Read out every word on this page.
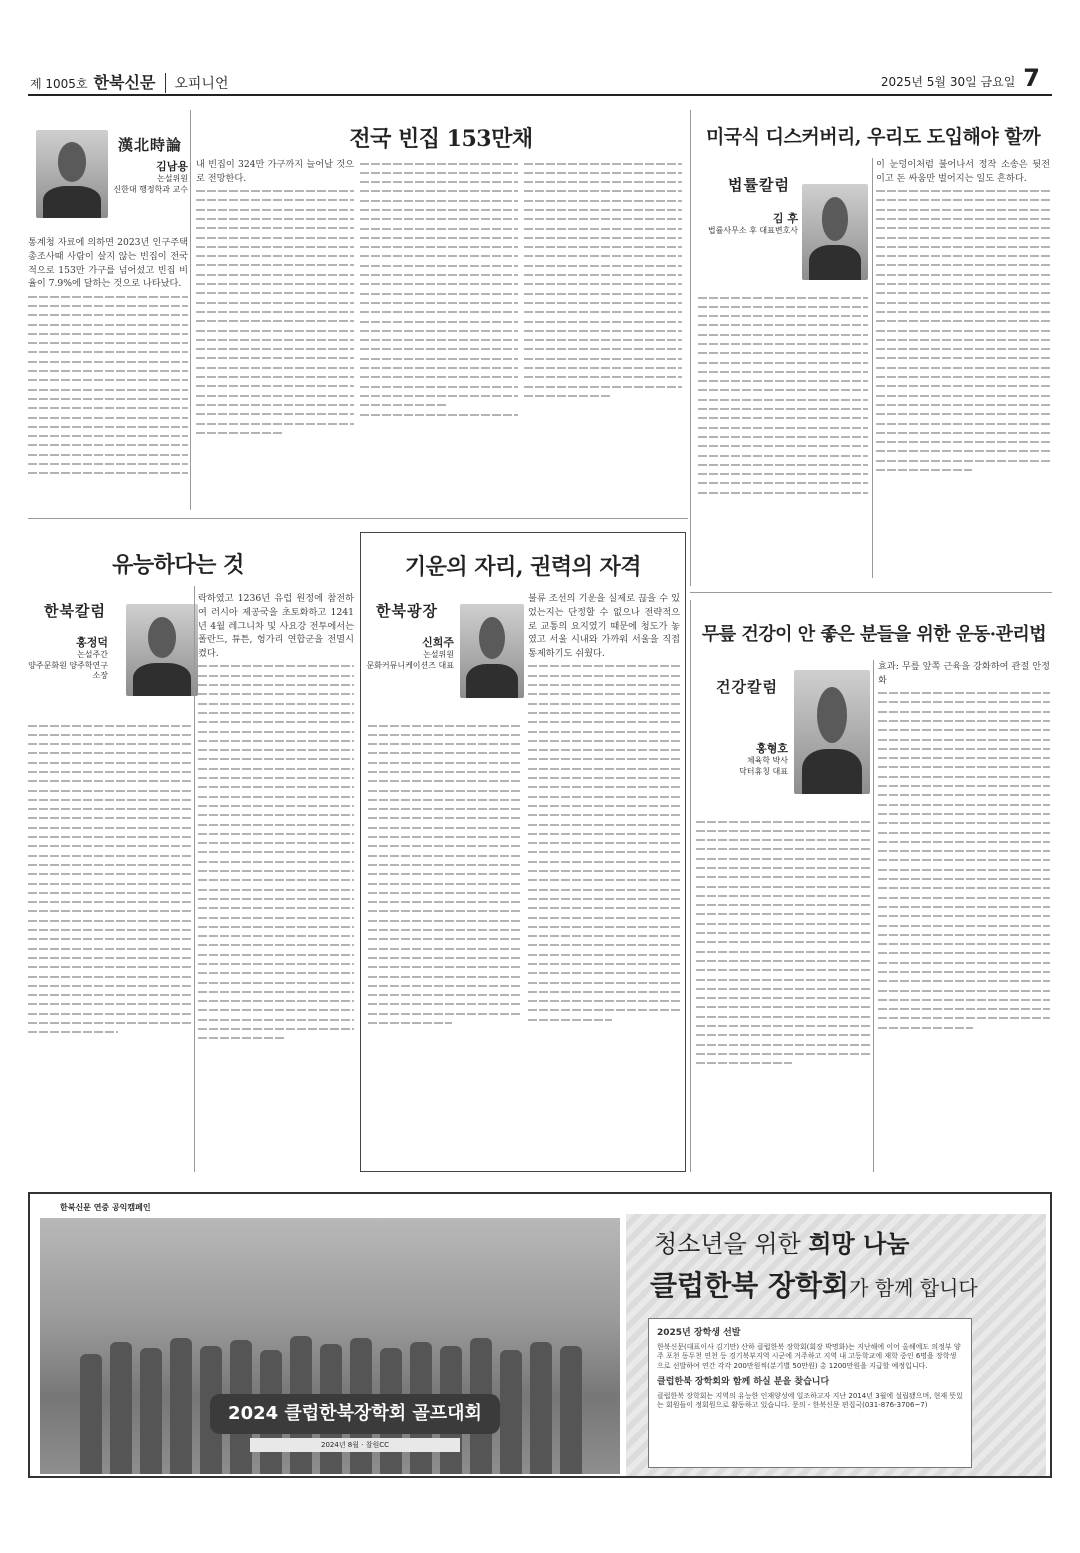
제 1005호 한북신문	오피니언	2025년 5월 30일 금요일 7
漢北時論
김남용
논설위원
신한대 행정학과 교수
통계청 자료에 의하면 2023년 인구주택총조사때 사람이 살지 않는 빈집이 전국적으로 153만 가구를 넘어섰고 빈집 비율이 7.9%에 달하는 것으로 나타났다.
전국 빈집 153만채
내 빈집이 324만 가구까지 늘어날 것으로 전망한다.
미국식 디스커버리, 우리도 도입해야 할까
법률칼럼
김 후
법률사무소 후 대표변호사
이 눈덩이처럼 불어나서 정작 소송은 뒷전이고 돈 싸움만 벌어지는 일도 흔하다.
유능하다는 것
한북칼럼
홍정덕
논설주간
양주문화원 양주학연구소장
락하였고 1236년 유럽 원정에 참전하여 러시아 제공국을 초토화하고 1241년 4월 레그니차 및 사요강 전투에서는 폴란드, 튜튼, 헝가리 연합군을 전멸시켰다.
기운의 자리, 권력의 자격
한북광장
신희주
논설위원
문화커뮤니케이션즈 대표
불류 조선의 기운을 실제로 끊을 수 있었는지는 단정할 수 없으나 전략적으로 교통의 요지였기 때문에 청도가 놓였고 서울 시내와 가까워 서울을 직접 통제하기도 쉬웠다.
무릎 건강이 안 좋은 분들을 위한 운동·관리법
건강칼럼
홍형호
체육학 박사
닥터휴칭 대표
효과: 무릎 앞쪽 근육을 강화하여 관절 안정화
한북신문 연중 공익캠페인
2024 클럽한북장학회 골프대회
2024년 8월 · 찰원CC
청소년을 위한 희망 나눔
클럽한북 장학회가 함께 합니다
2025년 장학생 선발

한북신문(대표이사 김기만) 산하 클럽한북 장학회(회장 박명화)는 지난해에 이어 올해에도 의정부 양주 포천 동두천 연천 등 경기북부지역 시군에 거주하고 지역 내 고등학교에 재학 중인 6명을 장학생으로 선발하여 연간 각각 200만원씩(분기별 50만원) 총 1200만원을 지급할 예정입니다.

클럽한북 장학회와 함께 하실 분을 찾습니다

클럽한북 장학회는 지역의 유능한 인재양성에 일조하고자 지난 2014년 3월에 설립됐으며, 현재 뜻있는 회원들이 정회원으로 활동하고 있습니다. 문의 - 한북신문 편집국(031-876-3706~7)
